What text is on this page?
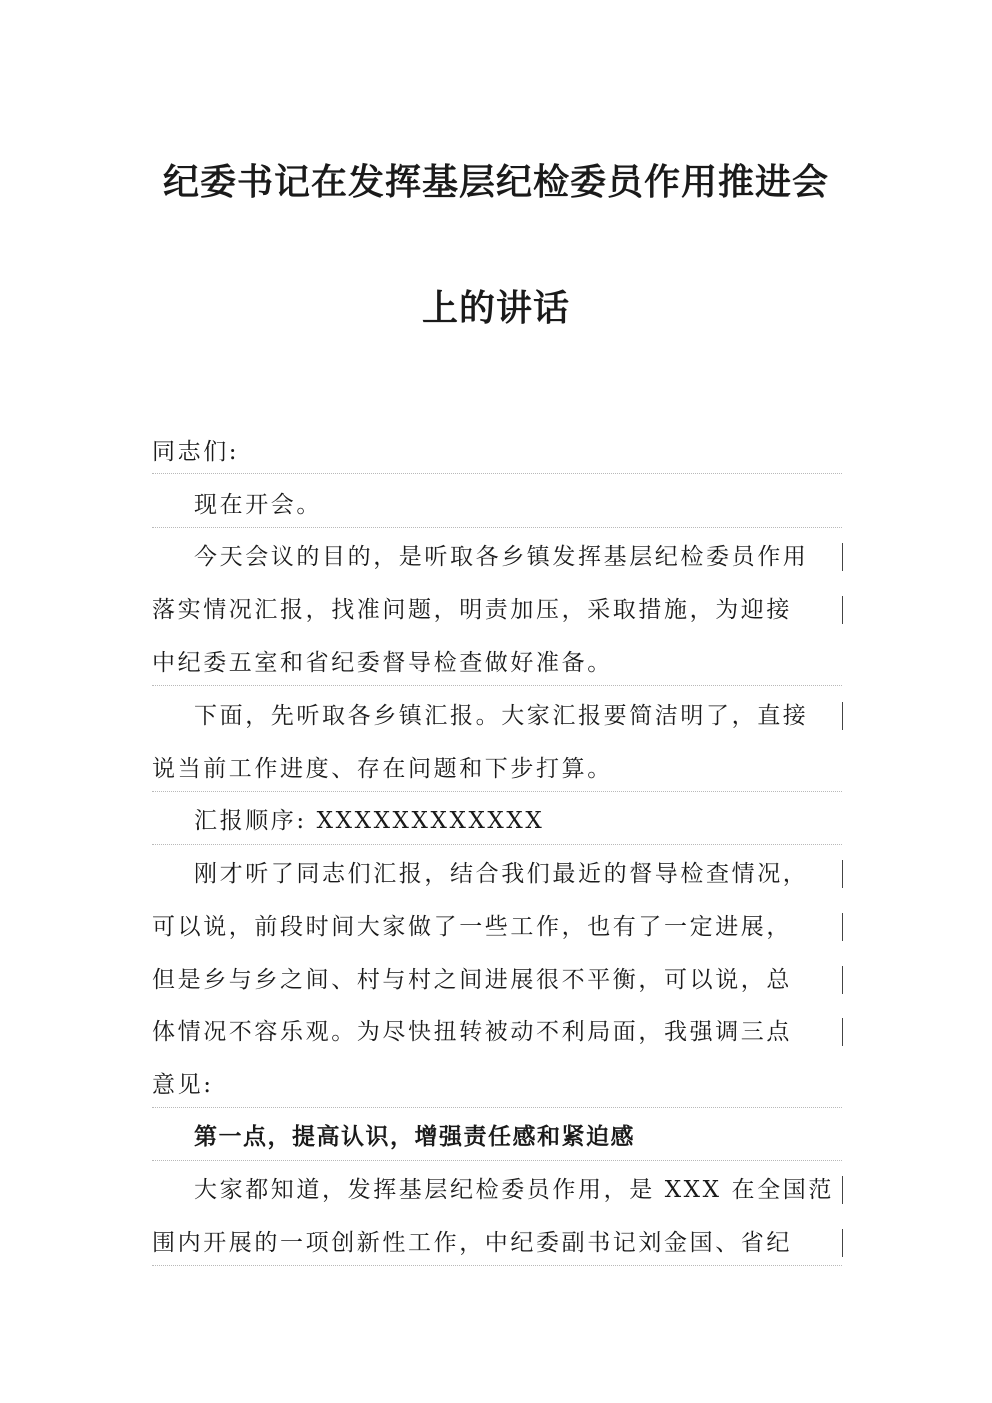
纪委书记在发挥基层纪检委员作用推进会
上的讲话
同志们:
现在开会。
今天会议的目的，是听取各乡镇发挥基层纪检委员作用
落实情况汇报，找准问题，明责加压，采取措施，为迎接
中纪委五室和省纪委督导检查做好准备。
下面，先听取各乡镇汇报。大家汇报要简洁明了，直接
说当前工作进度、存在问题和下步打算。
汇报顺序: XXXXXXXXXXXX
刚才听了同志们汇报，结合我们最近的督导检查情况，
可以说，前段时间大家做了一些工作，也有了一定进展，
但是乡与乡之间、村与村之间进展很不平衡，可以说，总
体情况不容乐观。为尽快扭转被动不利局面，我强调三点
意见:
第一点，提高认识，增强责任感和紧迫感
大家都知道，发挥基层纪检委员作用，是 XXX 在全国范
围内开展的一项创新性工作，中纪委副书记刘金国、省纪
